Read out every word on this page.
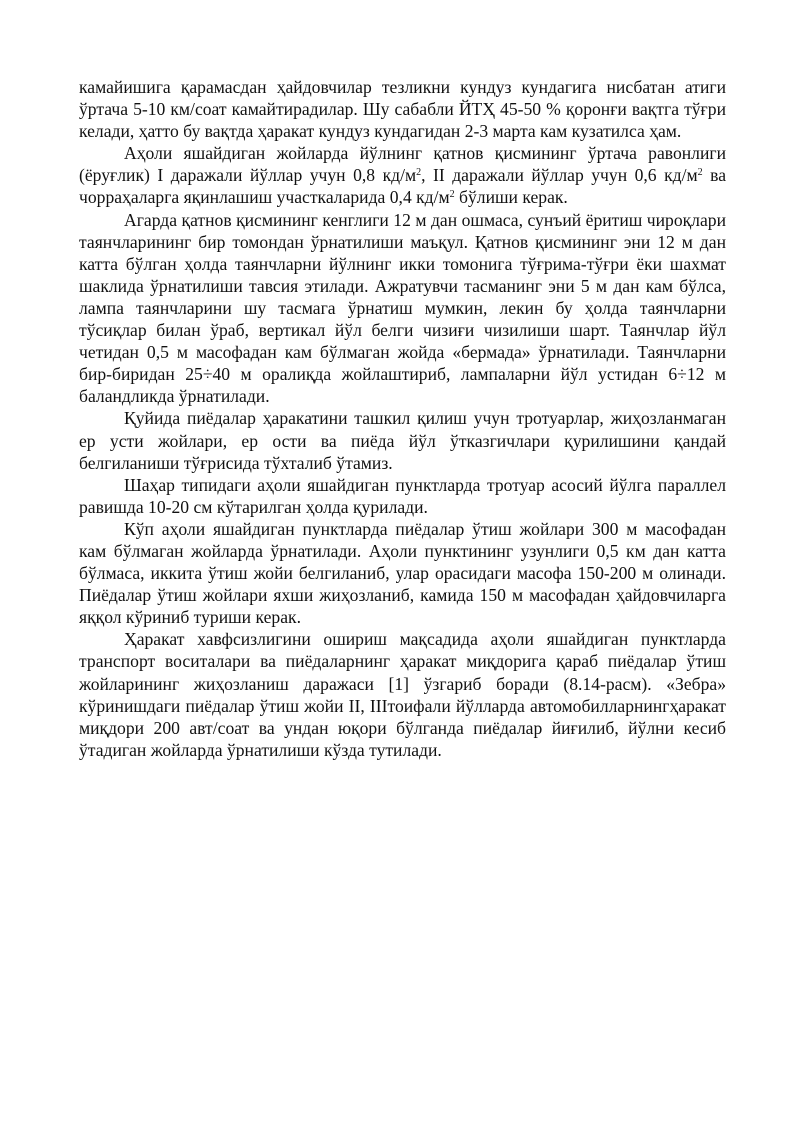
камайишига қарамасдан ҳайдовчилар тезликни кундуз кундагига нисбатан атиги ўртача 5-10 км/соат камайтирадилар. Шу сабабли ЙТҲ 45-50 % қоронғи вақтга тўғри келади, ҳатто бу вақтда ҳаракат кундуз кундагидан 2-3 марта кам кузатилса ҳам.

Аҳоли яшайдиган жойларда йўлнинг қатнов қисмининг ўртача равонлиги (ёруғлик) I даражали йўллар учун 0,8 $кд/м^2$, II даражали йўллар учун 0,6 $кд/м^2$ ва чорраҳаларга яқинлашиш участкаларида 0,4 $кд/м^2$ бўлиши керак.

Агарда қатнов қисмининг кенглиги 12 м дан ошмаса, сунъий ёритиш чироқлари таянчларининг бир томондан ўрнатилиши маъқул. Қатнов қисмининг эни 12 м дан катта бўлган ҳолда таянчларни йўлнинг икки томонига тўғрима-тўғри ёки шахмат шаклида ўрнатилиши тавсия этилади. Ажратувчи тасманинг эни 5 м дан кам бўлса, лампа таянчларини шу тасмага ўрнатиш мумкин, лекин бу ҳолда таянчларни тўсиқлар билан ўраб, вертикал йўл белги чизиғи чизилиши шарт. Таянчлар йўл четидан 0,5 м масофадан кам бўлмаган жойда «бермада» ўрнатилади. Таянчларни бир-биридан 25÷40 м оралиқда жойлаштириб, лампаларни йўл устидан 6÷12 м баландликда ўрнатилади.

Қуйида пиёдалар ҳаракатини ташкил қилиш учун тротуарлар, жиҳозланмаган ер усти жойлари, ер ости ва пиёда йўл ўтказгичлари қурилишини қандай белгиланиши тўғрисида тўхталиб ўтамиз.

Шаҳар типидаги аҳоли яшайдиган пунктларда тротуар асосий йўлга параллел равишда 10-20 см кўтарилган ҳолда қурилади.

Кўп аҳоли яшайдиган пунктларда пиёдалар ўтиш жойлари 300 м масофадан кам бўлмаган жойларда ўрнатилади. Аҳоли пунктининг узунлиги 0,5 км дан катта бўлмаса, иккита ўтиш жойи белгиланиб, улар орасидаги масофа 150-200 м олинади. Пиёдалар ўтиш жойлари яхши жиҳозланиб, камида 150 м масофадан ҳайдовчиларга яққол кўриниб туриши керак.

Ҳаракат хавфсизлигини ошириш мақсадида аҳоли яшайдиган пунктларда транспорт воситалари ва пиёдаларнинг ҳаракат миқдорига қараб пиёдалар ўтиш жойларининг жиҳозланиш даражаси [1] ўзгариб боради (8.14-расм). «Зебра» кўринишдаги пиёдалар ўтиш жойи II, IIIтоифали йўлларда автомобилларнингҳаракат миқдори 200 авт/соат ва ундан юқори бўлганда пиёдалар йиғилиб, йўлни кесиб ўтадиган жойларда ўрнатилиши кўзда тутилади.
